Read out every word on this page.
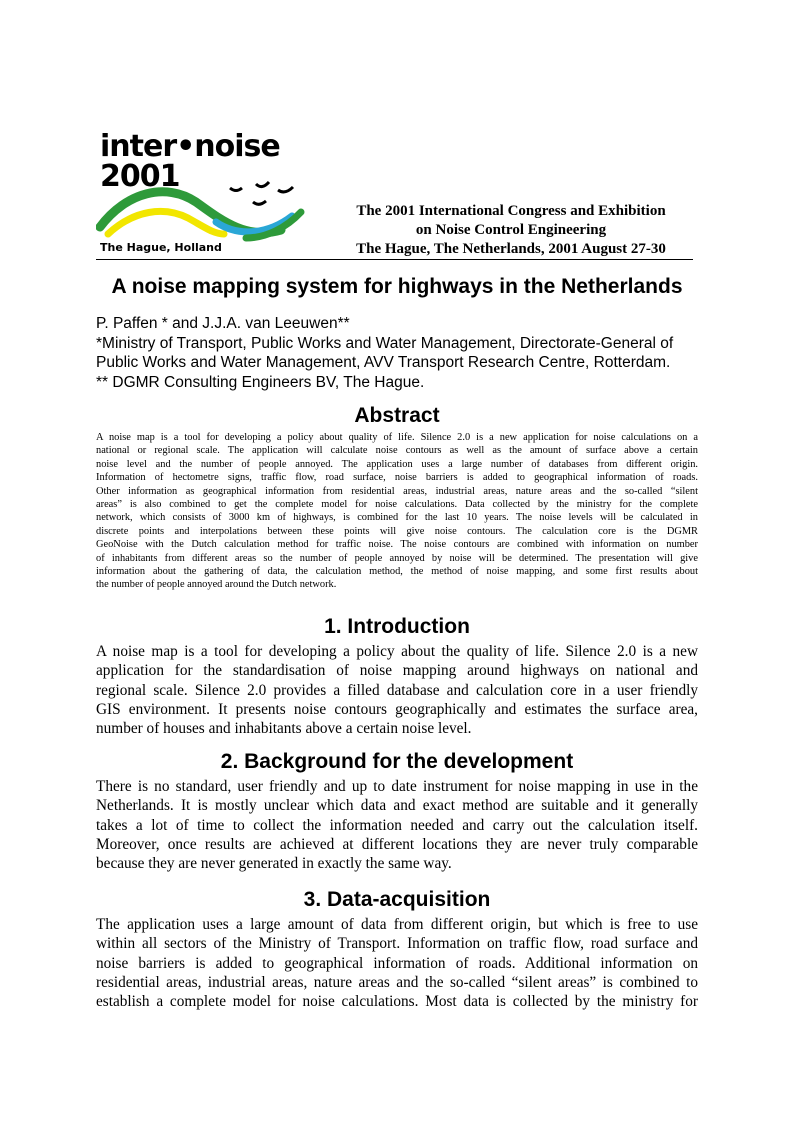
inter•noise 2001
The Hague, Holland
The 2001 International Congress and Exhibition
on Noise Control Engineering
The Hague, The Netherlands, 2001 August 27-30
A noise mapping system for highways in the Netherlands
P. Paffen * and J.J.A. van Leeuwen**
*Ministry of Transport, Public Works and Water Management, Directorate-General of
Public Works and Water Management, AVV Transport Research Centre, Rotterdam.
** DGMR Consulting Engineers BV, The Hague.
Abstract
A noise map is a tool for developing a policy about quality of life. Silence 2.0 is a new application for noise calculations on a
national or regional scale. The application will calculate noise contours as well as the amount of surface above a certain
noise level and the number of people annoyed. The application uses a large number of databases from different origin.
Information of hectometre signs, traffic flow, road surface, noise barriers is added to geographical information of roads.
Other information as geographical information from residential areas, industrial areas, nature areas and the so-called “silent
areas” is also combined to get the complete model for noise calculations. Data collected by the ministry for the complete
network, which consists of 3000 km of highways, is combined for the last 10 years. The noise levels will be calculated in
discrete points and interpolations between these points will give noise contours. The calculation core is the DGMR
GeoNoise with the Dutch calculation method for traffic noise. The noise contours are combined with information on number
of inhabitants from different areas so the number of people annoyed by noise will be determined. The presentation will give
information about the gathering of data, the calculation method, the method of noise mapping, and some first results about
the number of people annoyed around the Dutch network.
1. Introduction
A noise map is a tool for developing a policy about the quality of life. Silence 2.0 is a new
application for the standardisation of noise mapping around highways on national and
regional scale. Silence 2.0 provides a filled database and calculation core in a user friendly
GIS environment. It presents noise contours geographically and estimates the surface area,
number of houses and inhabitants above a certain noise level.
2. Background for the development
There is no standard, user friendly and up to date instrument for noise mapping in use in the
Netherlands. It is mostly unclear which data and exact method are suitable and it generally
takes a lot of time to collect the information needed and carry out the calculation itself.
Moreover, once results are achieved at different locations they are never truly comparable
because they are never generated in exactly the same way.
3. Data-acquisition
The application uses a large amount of data from different origin, but which is free to use
within all sectors of the Ministry of Transport. Information on traffic flow, road surface and
noise barriers is added to geographical information of roads. Additional information on
residential areas, industrial areas, nature areas and the so-called “silent areas” is combined to
establish a complete model for noise calculations. Most data is collected by the ministry for
